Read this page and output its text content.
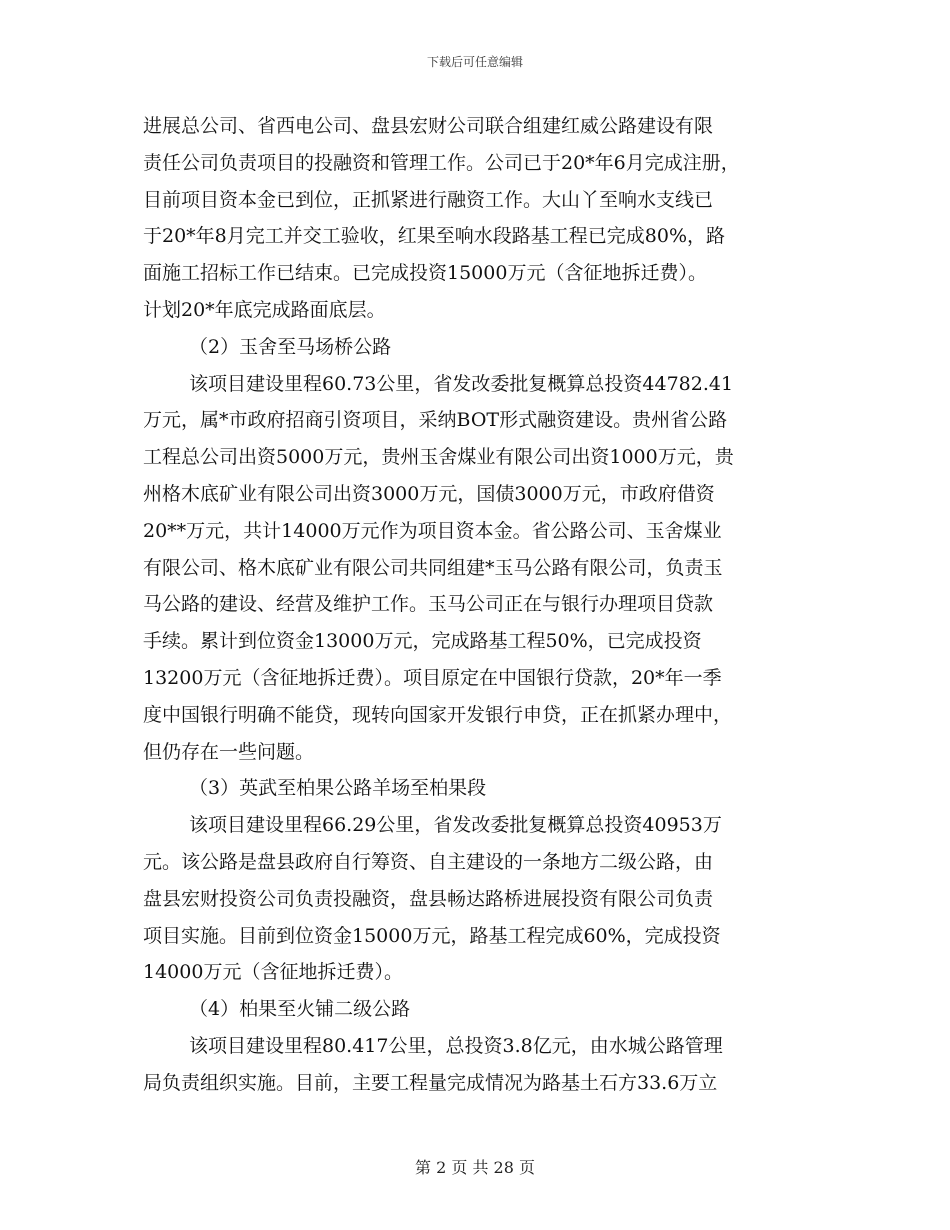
下载后可任意编辑
进展总公司、省西电公司、盘县宏财公司联合组建红威公路建设有限
责任公司负责项目的投融资和管理工作。公司已于20*年6月完成注册，
目前项目资本金已到位，正抓紧进行融资工作。大山丫至响水支线已
于20*年8月完工并交工验收，红果至响水段路基工程已完成80%，路
面施工招标工作已结束。已完成投资15000万元（含征地拆迁费）。
计划20*年底完成路面底层。
（2）玉舍至马场桥公路
该项目建设里程60.73公里，省发改委批复概算总投资44782.41
万元，属*市政府招商引资项目，采纳BOT形式融资建设。贵州省公路
工程总公司出资5000万元，贵州玉舍煤业有限公司出资1000万元，贵
州格木底矿业有限公司出资3000万元，国债3000万元，市政府借资
20**万元，共计14000万元作为项目资本金。省公路公司、玉舍煤业
有限公司、格木底矿业有限公司共同组建*玉马公路有限公司，负责玉
马公路的建设、经营及维护工作。玉马公司正在与银行办理项目贷款
手续。累计到位资金13000万元，完成路基工程50%，已完成投资
13200万元（含征地拆迁费）。项目原定在中国银行贷款，20*年一季
度中国银行明确不能贷，现转向国家开发银行申贷，正在抓紧办理中，
但仍存在一些问题。
（3）英武至柏果公路羊场至柏果段
该项目建设里程66.29公里，省发改委批复概算总投资40953万
元。该公路是盘县政府自行筹资、自主建设的一条地方二级公路，由
盘县宏财投资公司负责投融资，盘县畅达路桥进展投资有限公司负责
项目实施。目前到位资金15000万元，路基工程完成60%，完成投资
14000万元（含征地拆迁费）。
（4）柏果至火铺二级公路
该项目建设里程80.417公里，总投资3.8亿元，由水城公路管理
局负责组织实施。目前，主要工程量完成情况为路基土石方33.6万立
第 2 页 共 28 页
